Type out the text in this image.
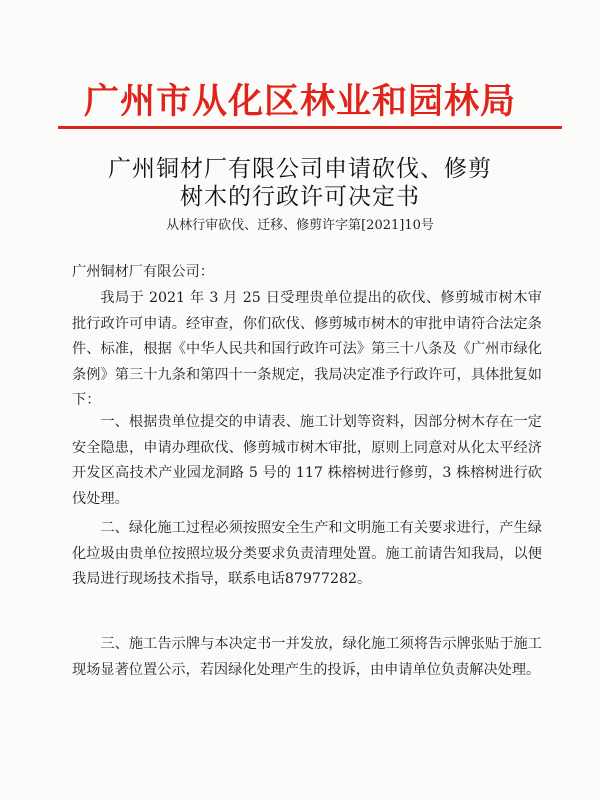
广州市从化区林业和园林局
广州铜材厂有限公司申请砍伐、修剪
树木的行政许可决定书
从林行审砍伐、迁移、修剪许字第[2021]10号
广州铜材厂有限公司：

我局于 2021 年 3 月 25 日受理贵单位提出的砍伐、修剪城市树木审批行政许可申请。经审查，你们砍伐、修剪城市树木的审批申请符合法定条件、标准，根据《中华人民共和国行政许可法》第三十八条及《广州市绿化条例》第三十九条和第四十一条规定，我局决定准予行政许可，具体批复如下：

一、根据贵单位提交的申请表、施工计划等资料，因部分树木存在一定安全隐患，申请办理砍伐、修剪城市树木审批，原则上同意对从化太平经济开发区高技术产业园龙洞路 5 号的 117 株榕树进行修剪，3 株榕树进行砍伐处理。

二、绿化施工过程必须按照安全生产和文明施工有关要求进行，产生绿化垃圾由贵单位按照垃圾分类要求负责清理处置。施工前请告知我局，以便我局进行现场技术指导，联系电话87977282。

三、施工告示牌与本决定书一并发放，绿化施工须将告示牌张贴于施工现场显著位置公示，若因绿化处理产生的投诉，由申请单位负责解决处理。
